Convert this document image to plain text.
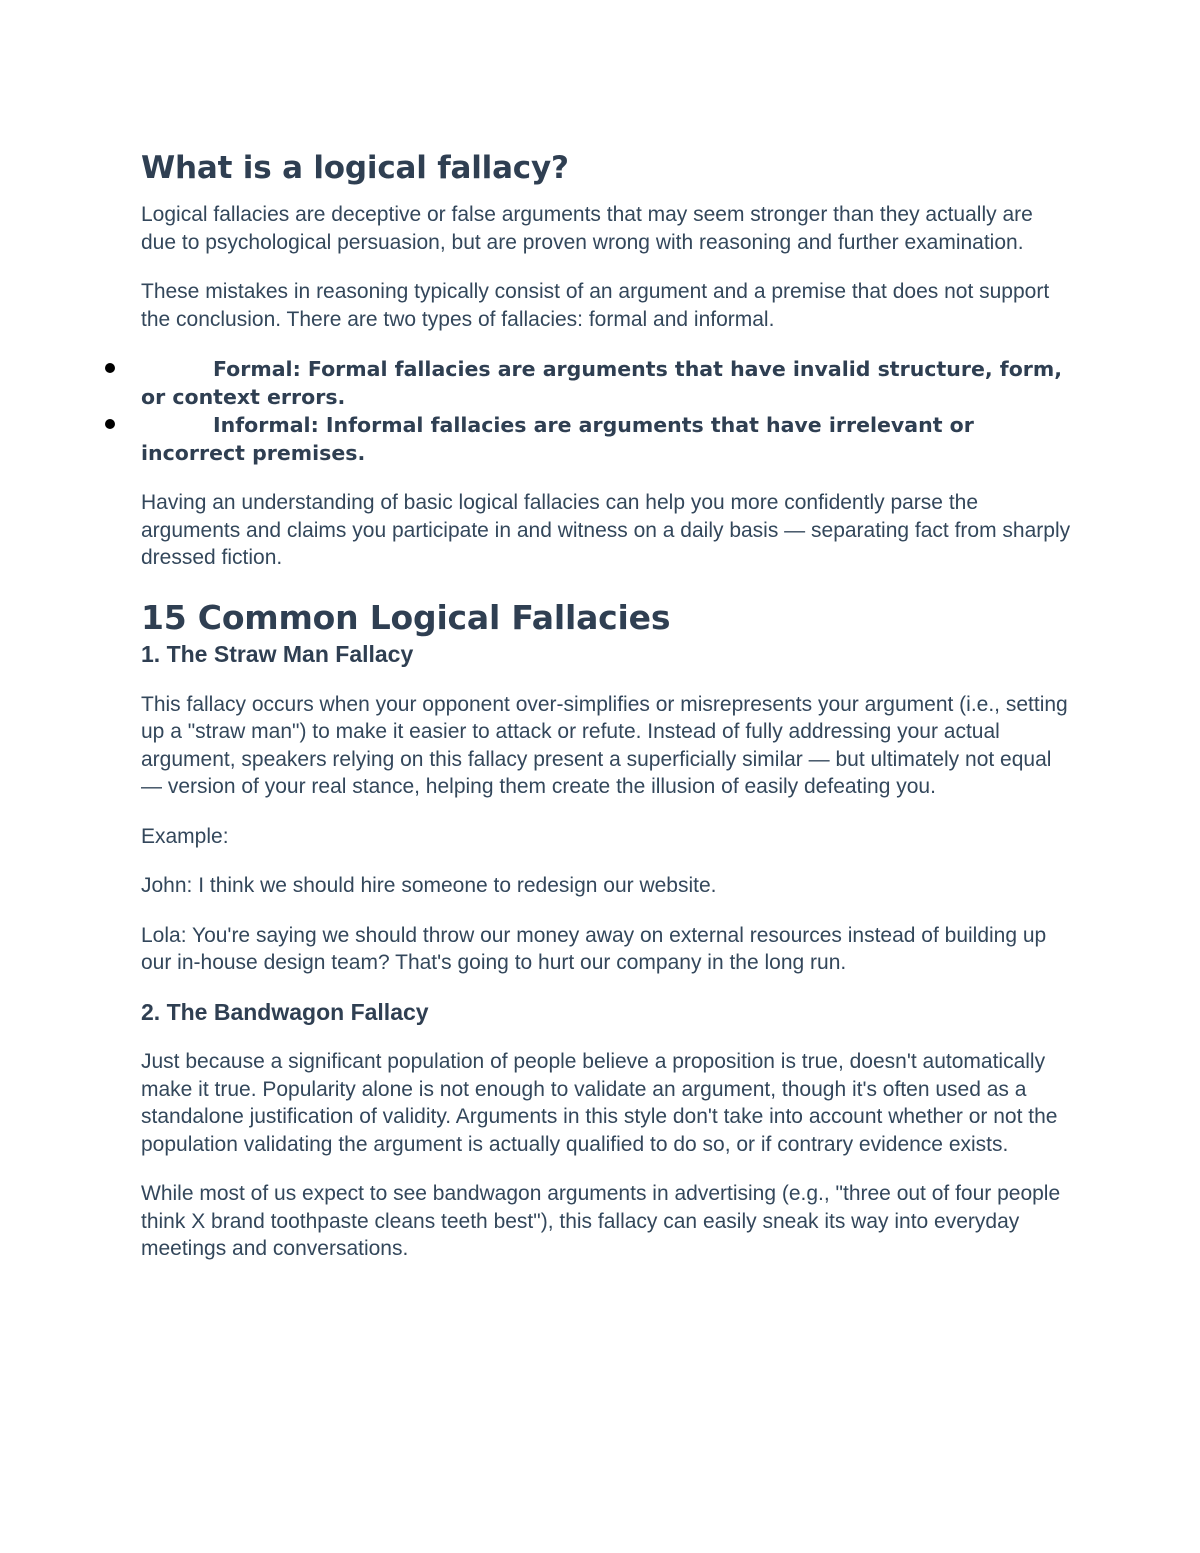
What is a logical fallacy?

Logical fallacies are deceptive or false arguments that may seem stronger than they actually are due to psychological persuasion, but are proven wrong with reasoning and further examination.

These mistakes in reasoning typically consist of an argument and a premise that does not support the conclusion. There are two types of fallacies: formal and informal.

Formal: Formal fallacies are arguments that have invalid structure, form, or context errors.
Informal: Informal fallacies are arguments that have irrelevant or incorrect premises.

Having an understanding of basic logical fallacies can help you more confidently parse the arguments and claims you participate in and witness on a daily basis — separating fact from sharply dressed fiction.

15 Common Logical Fallacies
1. The Straw Man Fallacy

This fallacy occurs when your opponent over-simplifies or misrepresents your argument (i.e., setting up a "straw man") to make it easier to attack or refute. Instead of fully addressing your actual argument, speakers relying on this fallacy present a superficially similar — but ultimately not equal — version of your real stance, helping them create the illusion of easily defeating you.

Example:

John: I think we should hire someone to redesign our website.

Lola: You're saying we should throw our money away on external resources instead of building up our in-house design team? That's going to hurt our company in the long run.

2. The Bandwagon Fallacy

Just because a significant population of people believe a proposition is true, doesn't automatically make it true. Popularity alone is not enough to validate an argument, though it's often used as a standalone justification of validity. Arguments in this style don't take into account whether or not the population validating the argument is actually qualified to do so, or if contrary evidence exists.

While most of us expect to see bandwagon arguments in advertising (e.g., "three out of four people think X brand toothpaste cleans teeth best"), this fallacy can easily sneak its way into everyday meetings and conversations.
